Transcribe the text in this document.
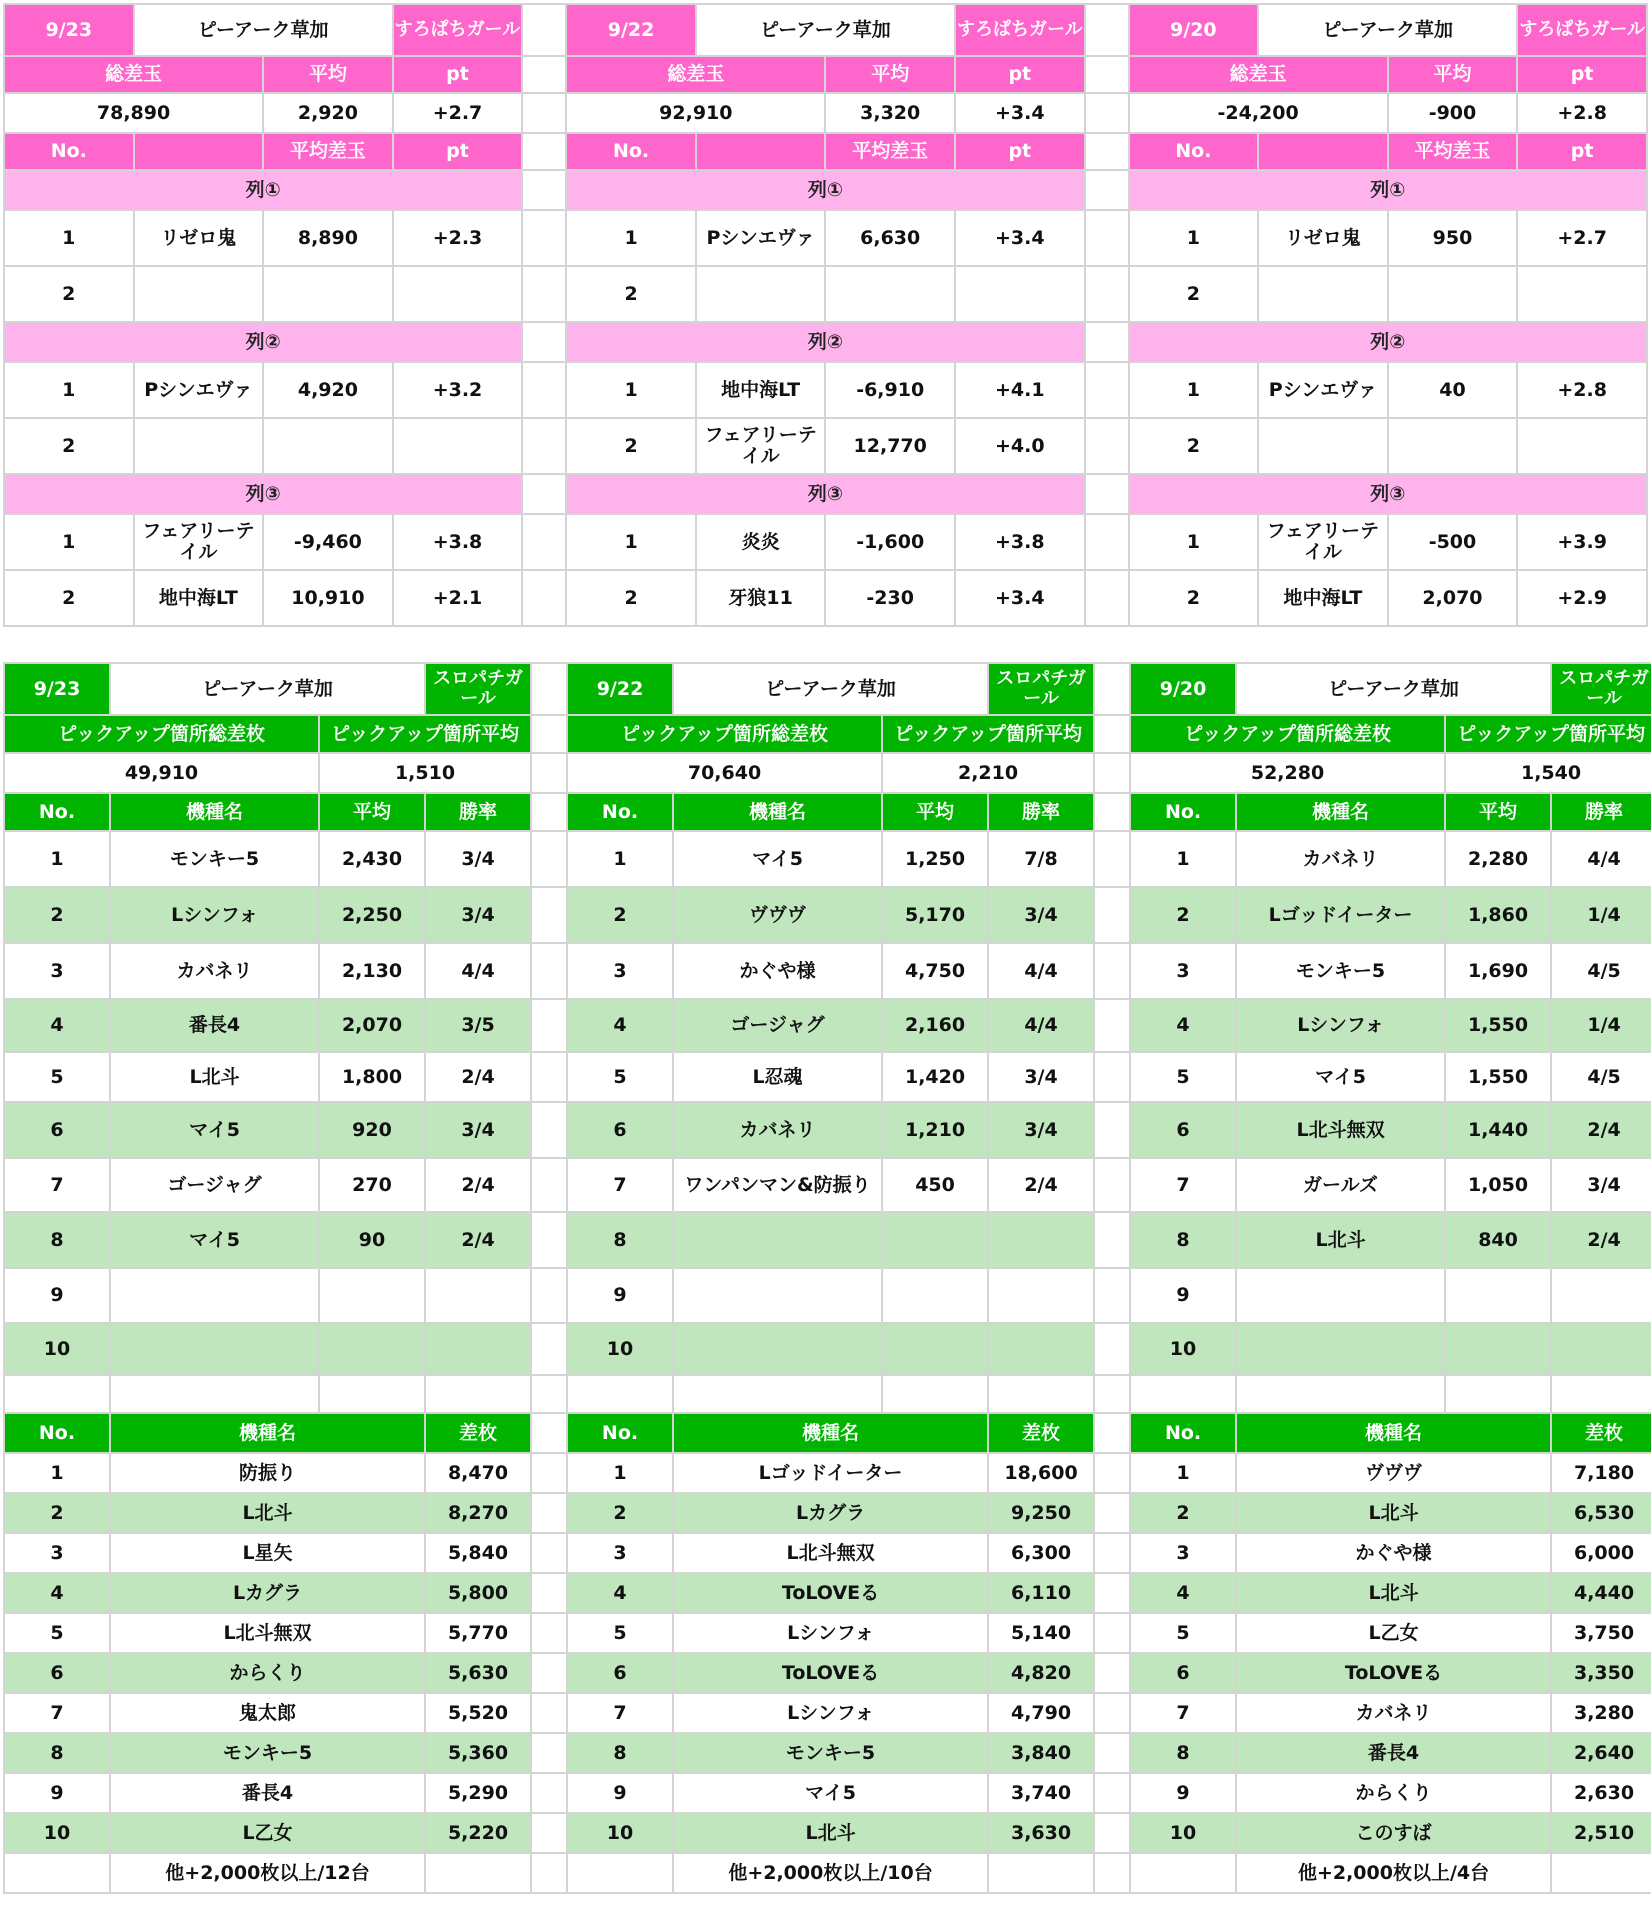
9/23	ピーアーク草加		すろぱちガール		9/22	ピーアーク草加		すろぱちガール		9/20	ピーアーク草加		すろぱちガール
総差玉		平均	pt		総差玉		平均	pt		総差玉		平均	pt
78,890		2,920	+2.7		92,910		3,320	+3.4		-24,200		-900	+2.8
No.		平均差玉	pt		No.		平均差玉	pt		No.		平均差玉	pt
列①					列①					列①			
1	リゼロ鬼	8,890	+2.3		1	Pシンエヴァ	6,630	+3.4		1	リゼロ鬼	950	+2.7
2					2					2			
列②					列②					列②			
1	Pシンエヴァ	4,920	+3.2		1	地中海LT	-6,910	+4.1		1	Pシンエヴァ	40	+2.8
2					2	フェアリーテイル	12,770	+4.0		2			
列③					列③					列③			
1	フェアリーテイル	-9,460	+3.8		1	炎炎	-1,600	+3.8		1	フェアリーテイル	-500	+3.9
2	地中海LT	10,910	+2.1		2	牙狼11	-230	+3.4		2	地中海LT	2,070	+2.9
9/23	ピーアーク草加		スロパチガール		9/22	ピーアーク草加		スロパチガール		9/20	ピーアーク草加		スロパチガール
ピックアップ箇所総差枚		ピックアップ箇所平均			ピックアップ箇所総差枚		ピックアップ箇所平均			ピックアップ箇所総差枚		ピックアップ箇所平均	
49,910		1,510			70,640		2,210			52,280		1,540	
No.	機種名	平均	勝率		No.	機種名	平均	勝率		No.	機種名	平均	勝率
1	モンキー5	2,430	3/4		1	マイ5	1,250	7/8		1	カバネリ	2,280	4/4
2	Lシンフォ	2,250	3/4		2	ヴヴヴ	5,170	3/4		2	Lゴッドイーター	1,860	1/4
3	カバネリ	2,130	4/4		3	かぐや様	4,750	4/4		3	モンキー5	1,690	4/5
4	番長4	2,070	3/5		4	ゴージャグ	2,160	4/4		4	Lシンフォ	1,550	1/4
5	L北斗	1,800	2/4		5	L忍魂	1,420	3/4		5	マイ5	1,550	4/5
6	マイ5	920	3/4		6	カバネリ	1,210	3/4		6	L北斗無双	1,440	2/4
7	ゴージャグ	270	2/4		7	ワンパンマン&防振り	450	2/4		7	ガールズ	1,050	3/4
8	マイ5	90	2/4		8					8	L北斗	840	2/4
9					9					9			
10					10					10			

No.	機種名		差枚		No.	機種名		差枚		No.	機種名		差枚
1	防振り		8,470		1	Lゴッドイーター		18,600		1	ヴヴヴ		7,180
2	L北斗		8,270		2	Lカグラ		9,250		2	L北斗		6,530
3	L星矢		5,840		3	L北斗無双		6,300		3	かぐや様		6,000
4	Lカグラ		5,800		4	ToLOVEる		6,110		4	L北斗		4,440
5	L北斗無双		5,770		5	Lシンフォ		5,140		5	L乙女		3,750
6	からくり		5,630		6	ToLOVEる		4,820		6	ToLOVEる		3,350
7	鬼太郎		5,520		7	Lシンフォ		4,790		7	カバネリ		3,280
8	モンキー5		5,360		8	モンキー5		3,840		8	番長4		2,640
9	番長4		5,290		9	マイ5		3,740		9	からくり		2,630
10	L乙女		5,220		10	L北斗		3,630		10	このすば		2,510
	他+2,000枚以上/12台					他+2,000枚以上/10台					他+2,000枚以上/4台		
